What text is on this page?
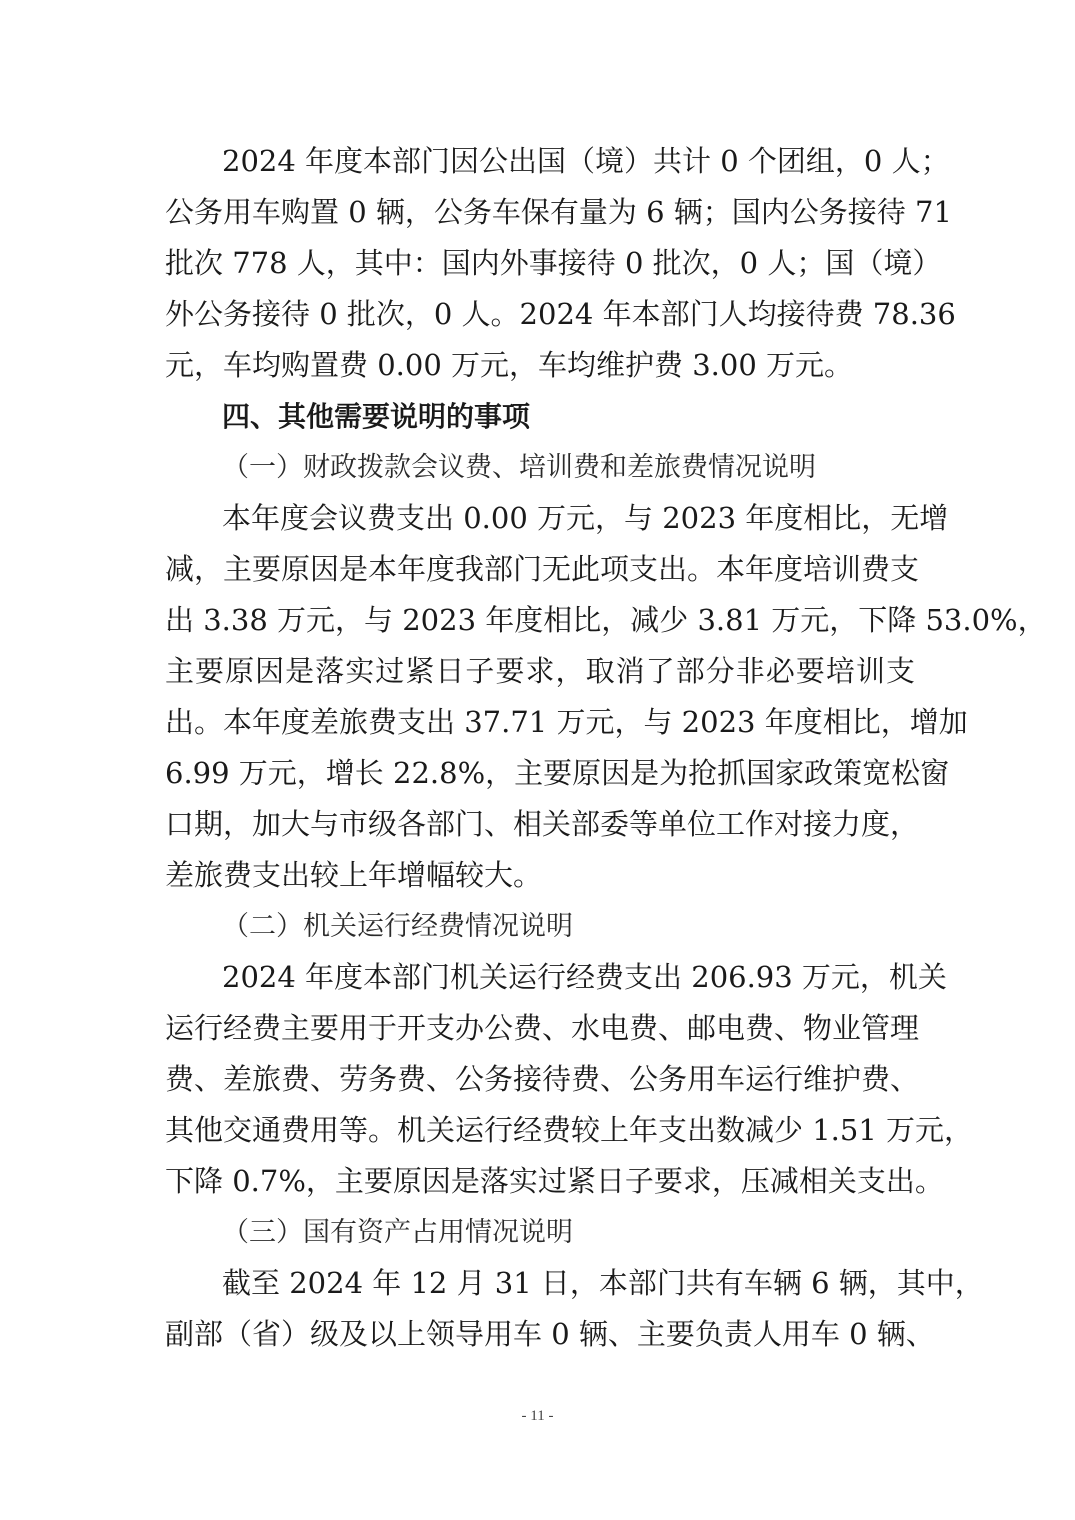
2024 年度本部门因公出国（境）共计 0 个团组，0 人；
公务用车购置 0 辆，公务车保有量为 6 辆；国内公务接待 71
批次 778 人，其中：国内外事接待 0 批次，0 人；国（境）
外公务接待 0 批次，0 人。2024 年本部门人均接待费 78.36
元，车均购置费 0.00 万元，车均维护费 3.00 万元。
四、其他需要说明的事项
（一）财政拨款会议费、培训费和差旅费情况说明
本年度会议费支出 0.00 万元，与 2023 年度相比，无增
减，主要原因是本年度我部门无此项支出。本年度培训费支
出 3.38 万元，与 2023 年度相比，减少 3.81 万元，下降 53.0%，
主要原因是落实过紧日子要求，取消了部分非必要培训支
出。本年度差旅费支出 37.71 万元，与 2023 年度相比，增加
6.99 万元，增长 22.8%，主要原因是为抢抓国家政策宽松窗
口期，加大与市级各部门、相关部委等单位工作对接力度，
差旅费支出较上年增幅较大。
（二）机关运行经费情况说明
2024 年度本部门机关运行经费支出 206.93 万元，机关
运行经费主要用于开支办公费、水电费、邮电费、物业管理
费、差旅费、劳务费、公务接待费、公务用车运行维护费、
其他交通费用等。机关运行经费较上年支出数减少 1.51 万元，
下降 0.7%，主要原因是落实过紧日子要求，压减相关支出。
（三）国有资产占用情况说明
截至 2024 年 12 月 31 日，本部门共有车辆 6 辆，其中，
副部（省）级及以上领导用车 0 辆、主要负责人用车 0 辆、
- 11 -
